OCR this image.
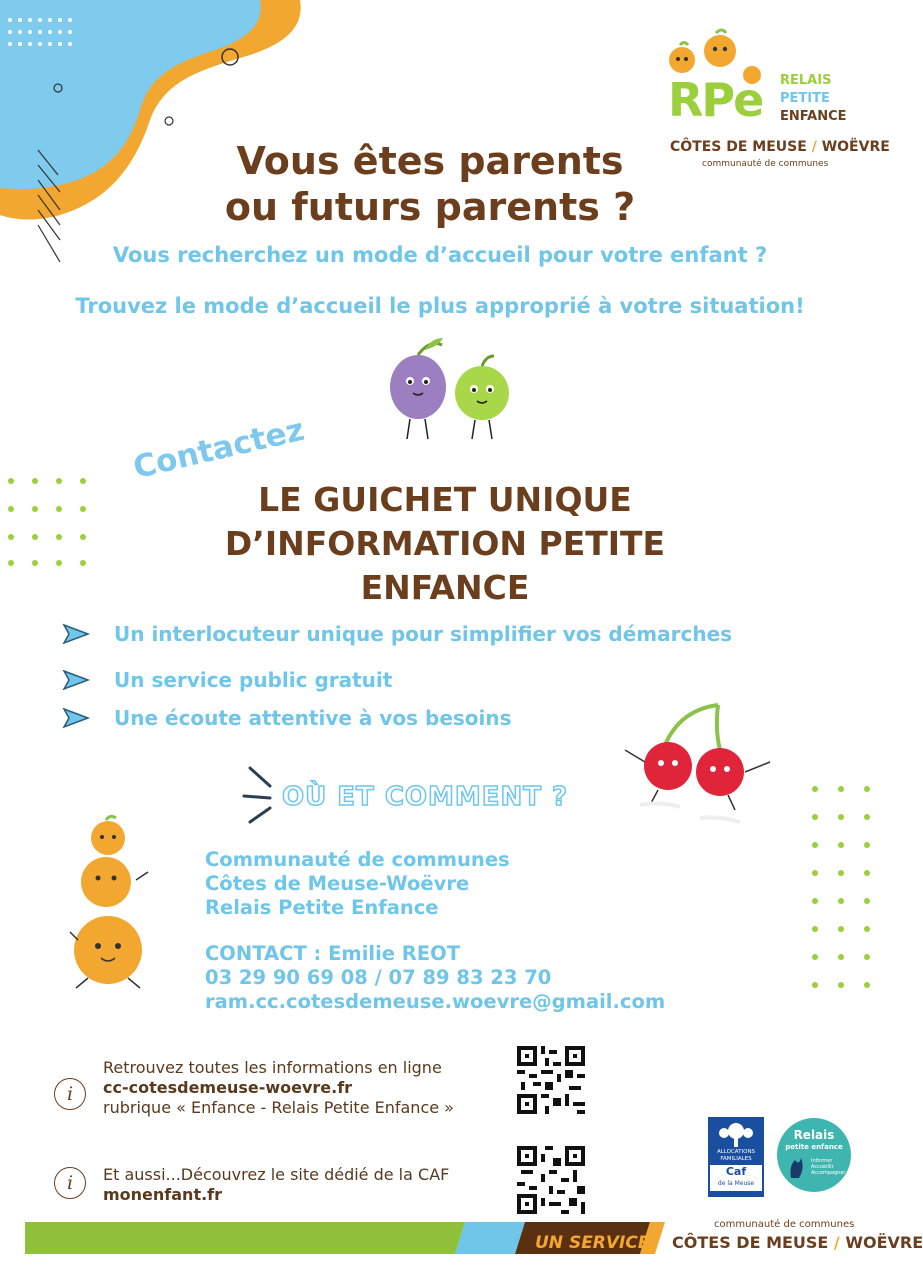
RPe RELAIS
PETITE
ENFANCE
CÔTES DE MEUSE / WOËVRE
communauté de communes
Vous êtes parents
ou futurs parents ?
Vous recherchez un mode d’accueil pour votre enfant ?
Trouvez le mode d’accueil le plus approprié à votre situation!
Contactez
LE GUICHET UNIQUE
D’INFORMATION PETITE
ENFANCE
Un interlocuteur unique pour simplifier vos démarches
Un service public gratuit
Une écoute attentive à vos besoins
OÙ ET COMMENT ?
Communauté de communes
Côtes de Meuse-Woëvre
Relais Petite Enfance
CONTACT : Emilie REOT
03 29 90 69 08 / 07 89 83 23 70
ram.cc.cotesdemeuse.woevre@gmail.com
i
Retrouvez toutes les informations en ligne
cc-cotesdemeuse-woevre.fr
rubrique « Enfance - Relais Petite Enfance »
i	Et aussi...Découvrez le site dédié de la CAF
monenfant.fr
ALLOCATIONS
FAMILIALES
Caf
de la Meuse
Relais
petite enfance
Informer
Accueillir
Accompagner
UN SERVICE
communauté de communes
CÔTES DE MEUSE / WOËVRE
